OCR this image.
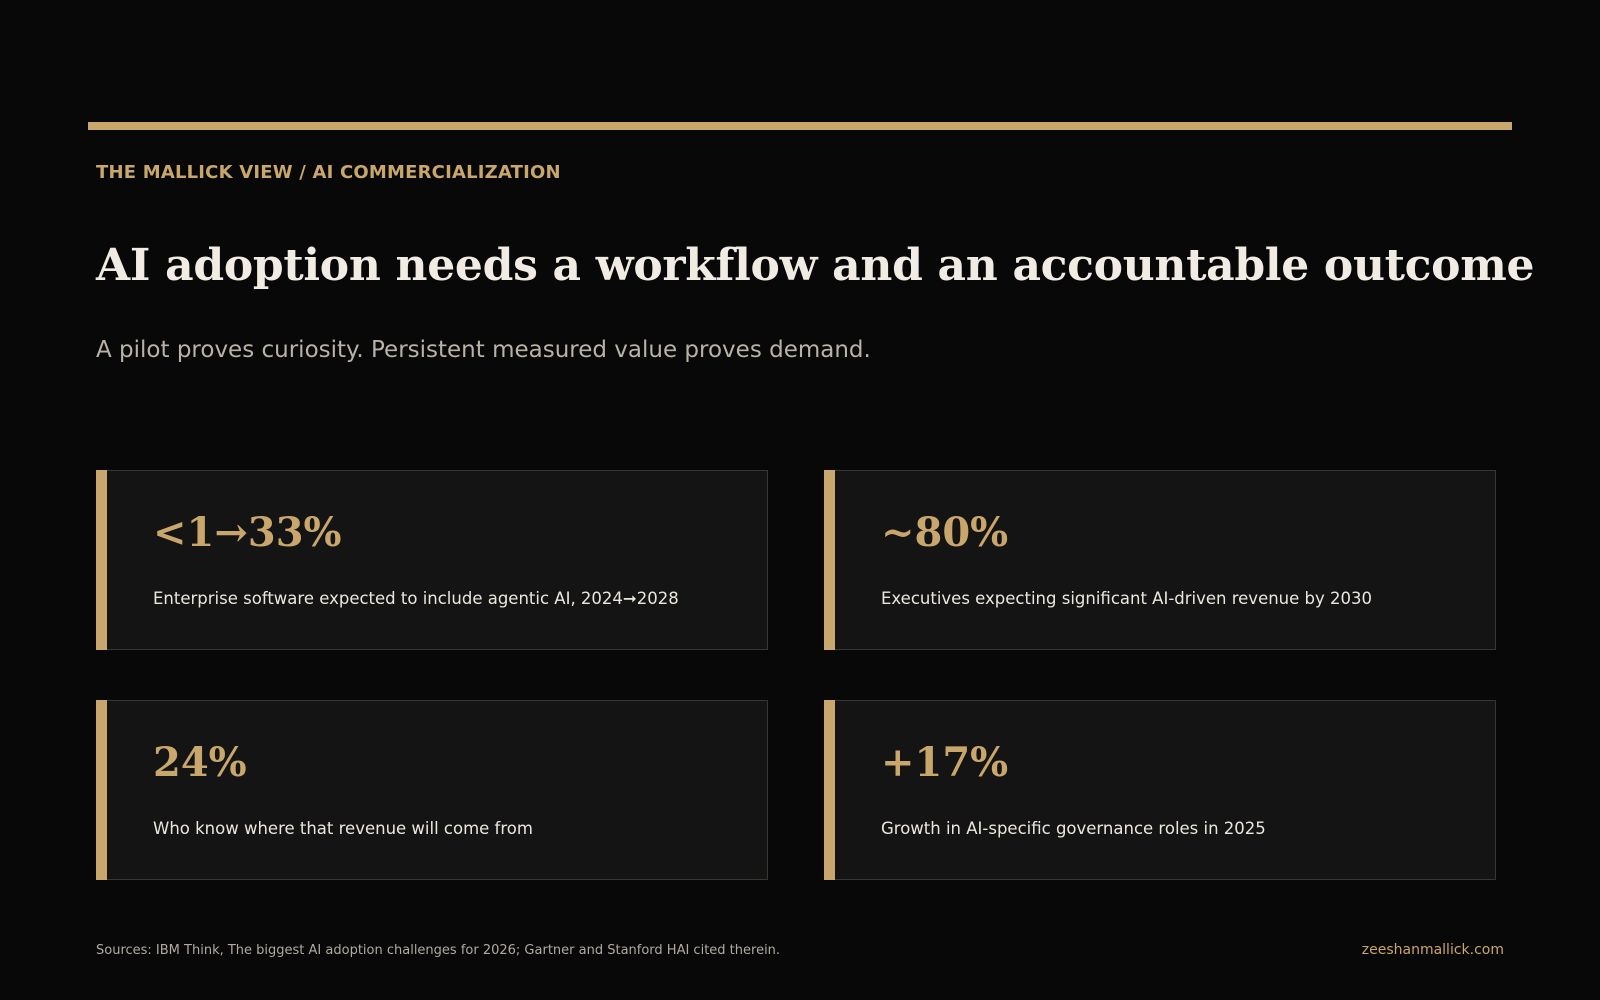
THE MALLICK VIEW / AI COMMERCIALIZATION
AI adoption needs a workflow and an accountable outcome
A pilot proves curiosity. Persistent measured value proves demand.
<1→33%
Enterprise software expected to include agentic AI, 2024➞2028
~80%
Executives expecting significant AI-driven revenue by 2030
24%
Who know where that revenue will come from
+17%
Growth in AI-specific governance roles in 2025
Sources: IBM Think, The biggest AI adoption challenges for 2026; Gartner and Stanford HAI cited therein.	zeeshanmallick.com
